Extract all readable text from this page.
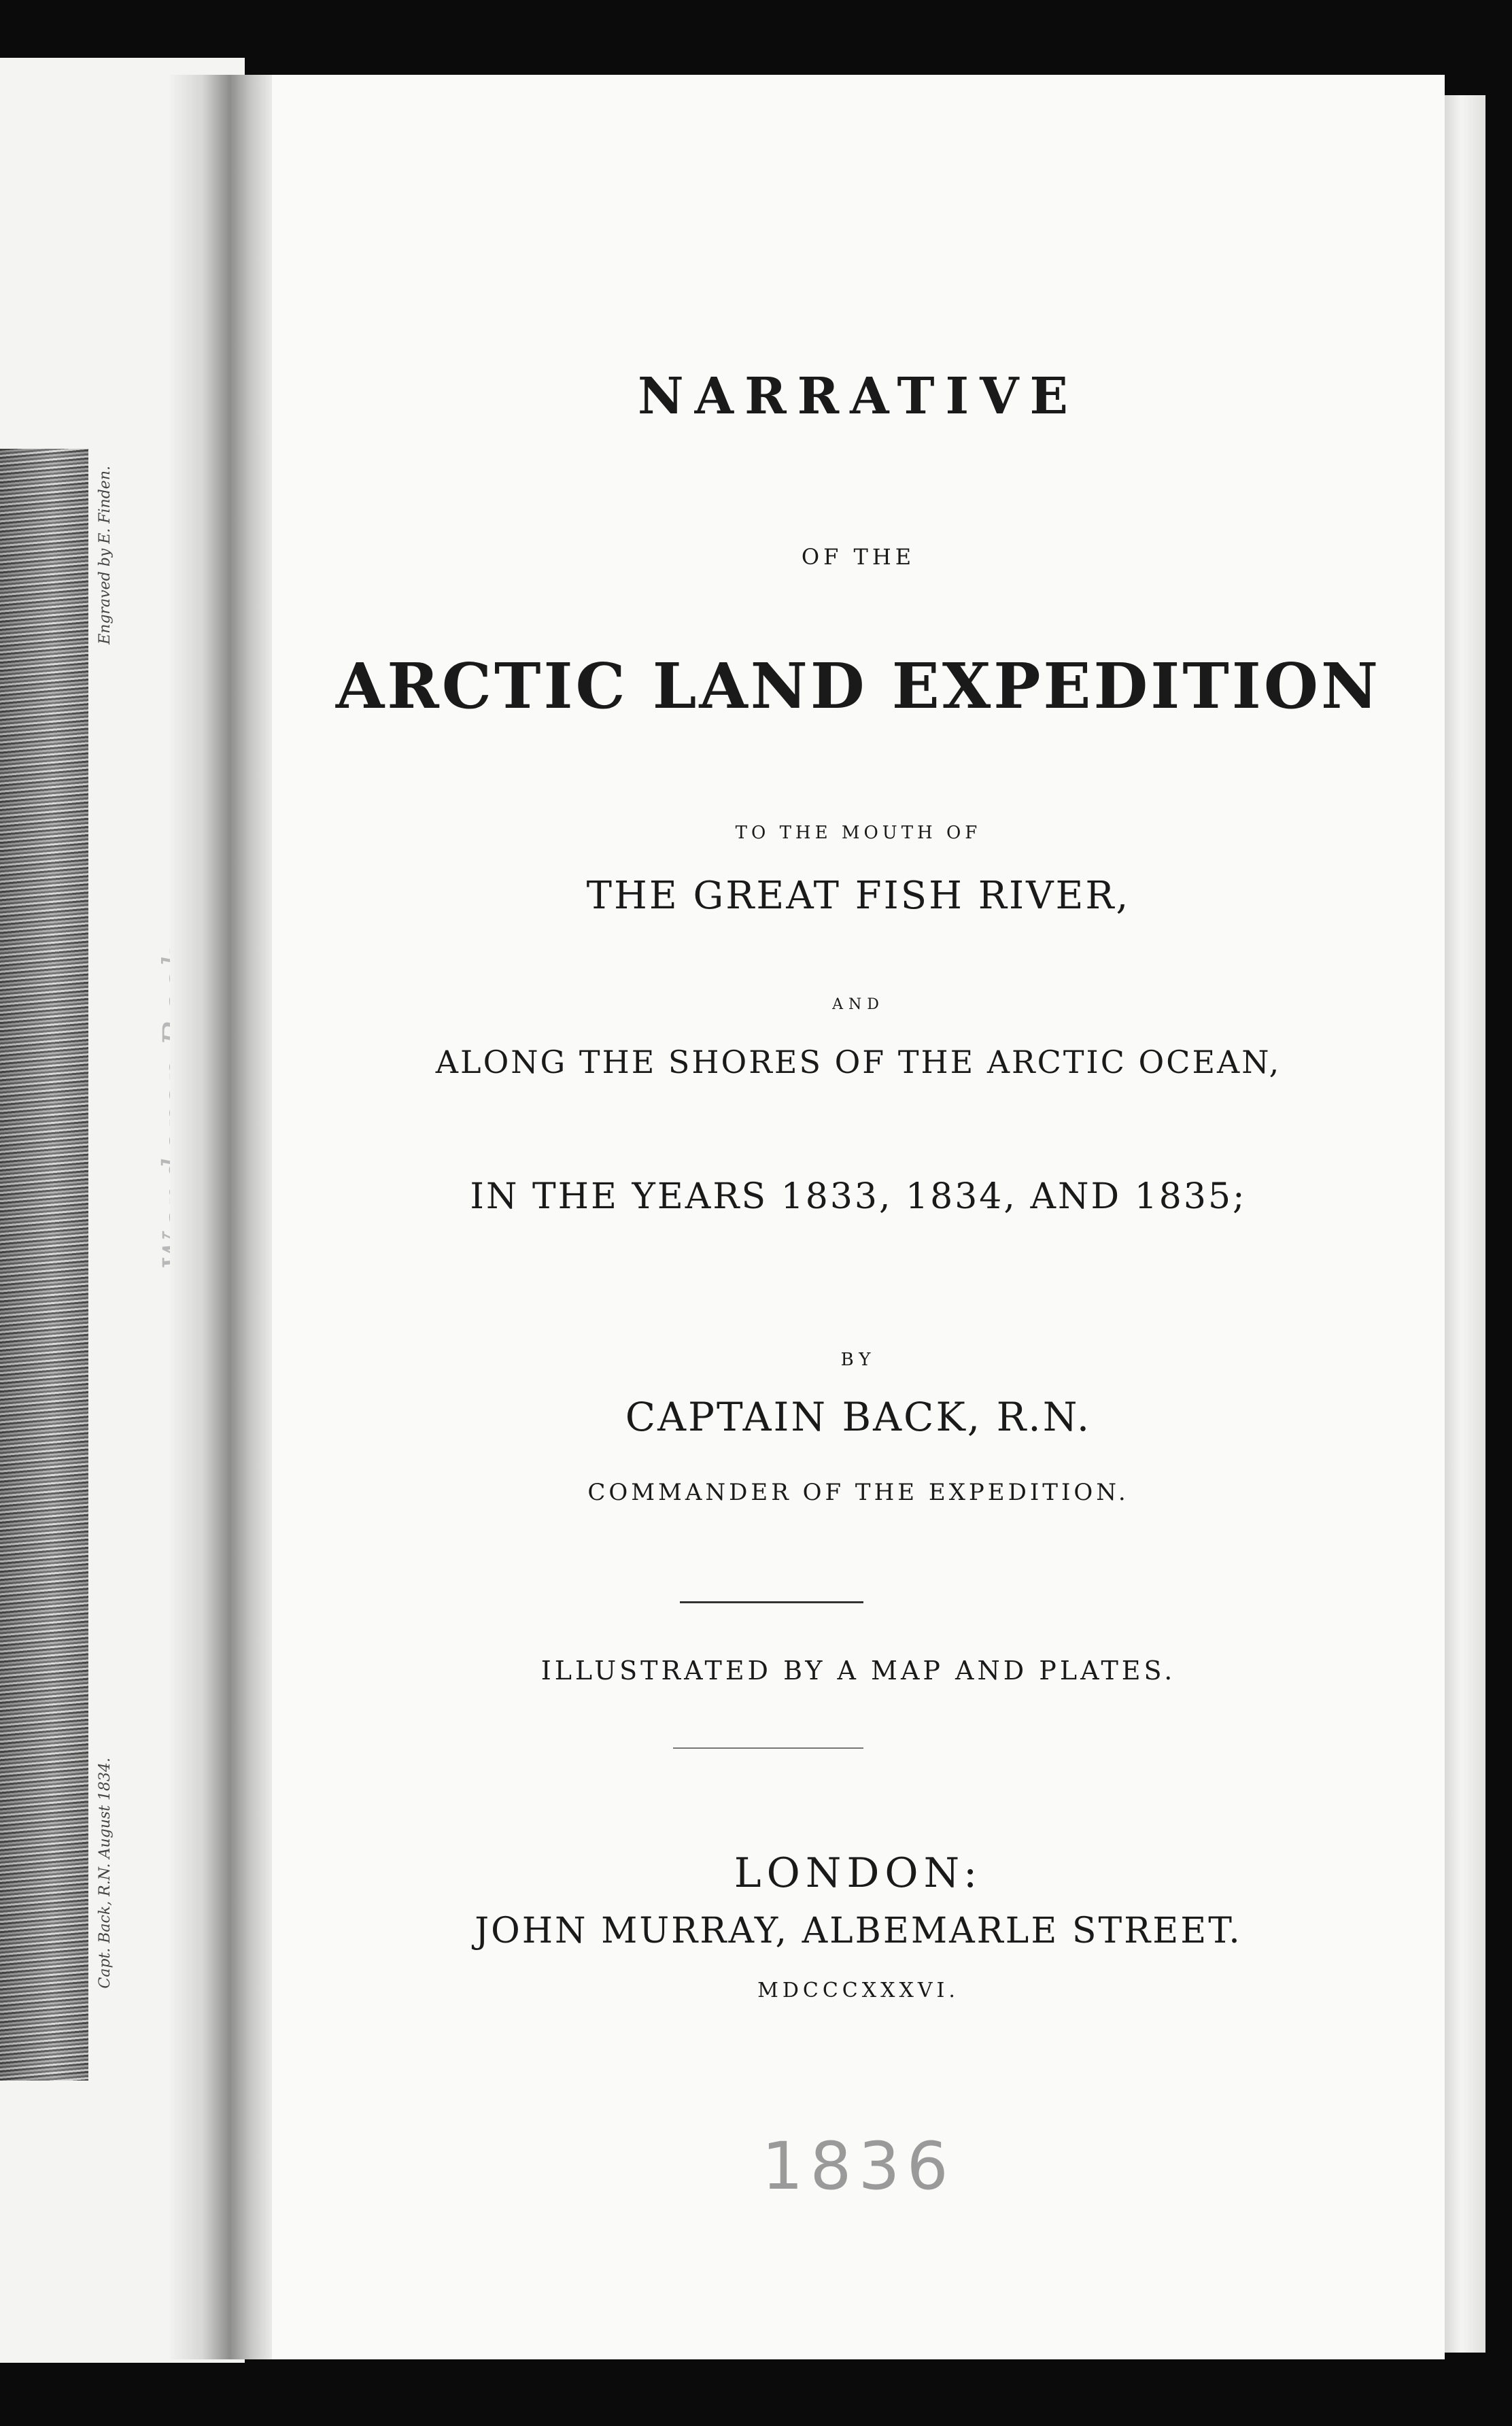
Engraved by E. Finden.
Capt. Back, R.N. August 1834.
NARRATIVE
OF THE
ARCTIC LAND EXPEDITION
TO THE MOUTH OF
THE GREAT FISH RIVER,
AND
ALONG THE SHORES OF THE ARCTIC OCEAN,
IN THE YEARS 1833, 1834, AND 1835;
BY
CAPTAIN BACK, R.N.
COMMANDER OF THE EXPEDITION.
ILLUSTRATED BY A MAP AND PLATES.
LONDON:
JOHN MURRAY, ALBEMARLE STREET.
MDCCCXXXVI.
1836
